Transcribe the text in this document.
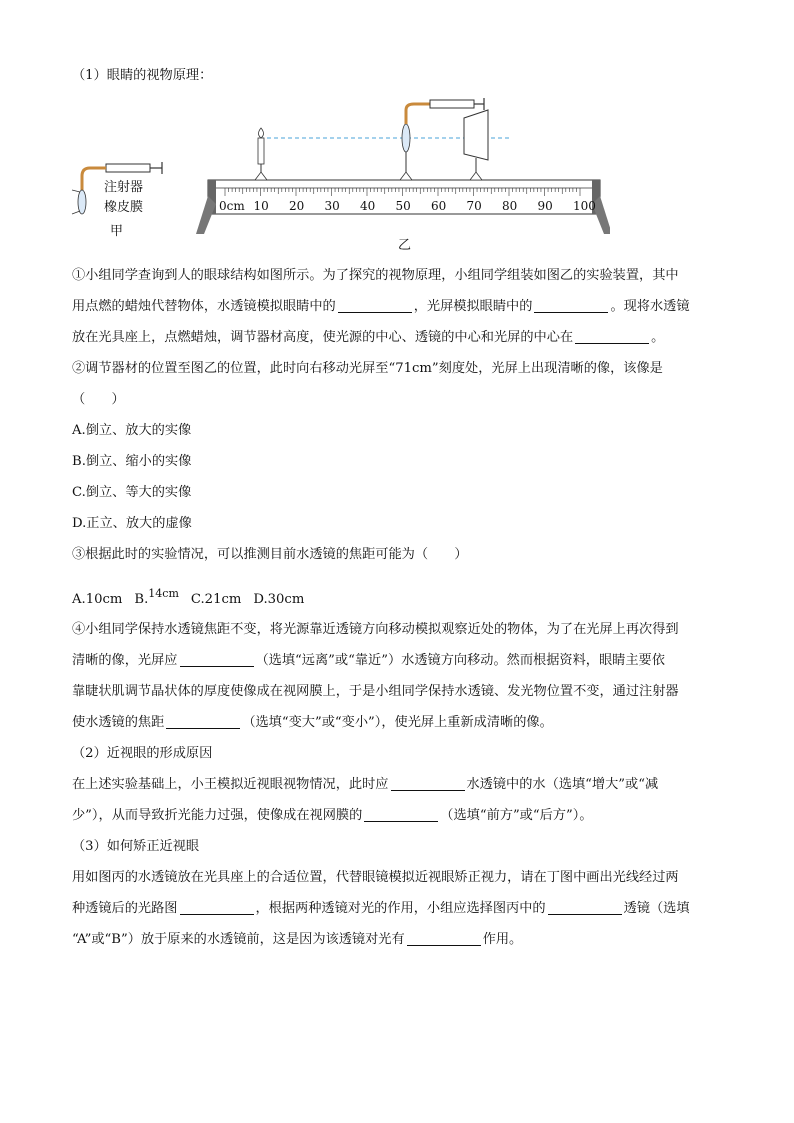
（1）眼睛的视物原理：
注射器
橡皮膜
甲
乙
0cm 10 20 30 40 50 60 70 80 90 100
①小组同学查询到人的眼球结构如图所示。为了探究的视物原理，小组同学组装如图乙的实验装置，其中
用点燃的蜡烛代替物体，水透镜模拟眼睛中的	，光屏模拟眼睛中的	。现将水透镜
放在光具座上，点燃蜡烛，调节器材高度，使光源的中心、透镜的中心和光屏的中心在	。
②调节器材的位置至图乙的位置，此时向右移动光屏至“71cm”刻度处，光屏上出现清晰的像，该像是
（　　）
A.倒立、放大的实像
B.倒立、缩小的实像
C.倒立、等大的实像
D.正立、放大的虚像
③根据此时的实验情况，可以推测目前水透镜的焦距可能为（　　）
A.10cm B.$^{14cm}$ C.21cm D.30cm
④小组同学保持水透镜焦距不变，将光源靠近透镜方向移动模拟观察近处的物体，为了在光屏上再次得到
清晰的像，光屏应	（选填“远离”或“靠近”）水透镜方向移动。然而根据资料，眼睛主要依
靠睫状肌调节晶状体的厚度使像成在视网膜上，于是小组同学保持水透镜、发光物位置不变，通过注射器
使水透镜的焦距	（选填“变大”或“变小”），使光屏上重新成清晰的像。
（2）近视眼的形成原因
在上述实验基础上，小王模拟近视眼视物情况，此时应	水透镜中的水（选填“增大”或“减
少”），从而导致折光能力过强，使像成在视网膜的	（选填“前方”或“后方”）。
（3）如何矫正近视眼
用如图丙的水透镜放在光具座上的合适位置，代替眼镜模拟近视眼矫正视力，请在丁图中画出光线经过两
种透镜后的光路图	，根据两种透镜对光的作用，小组应选择图丙中的	透镜（选填
“A”或“B”）放于原来的水透镜前，这是因为该透镜对光有	作用。
